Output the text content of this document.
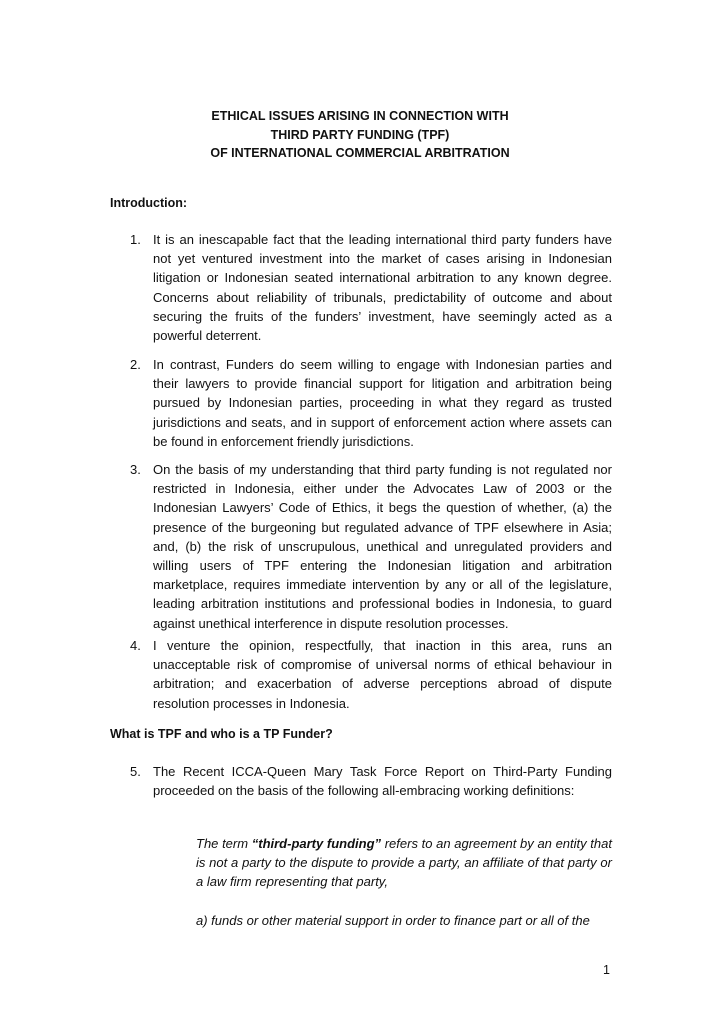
ETHICAL ISSUES ARISING IN CONNECTION WITH
THIRD PARTY FUNDING (TPF)
OF INTERNATIONAL COMMERCIAL ARBITRATION
Introduction:
1. It is an inescapable fact that the leading international third party funders have not yet ventured investment into the market of cases arising in Indonesian litigation or Indonesian seated international arbitration to any known degree. Concerns about reliability of tribunals, predictability of outcome and about securing the fruits of the funders’ investment, have seemingly acted as a powerful deterrent.
2. In contrast, Funders do seem willing to engage with Indonesian parties and their lawyers to provide financial support for litigation and arbitration being pursued by Indonesian parties, proceeding in what they regard as trusted jurisdictions and seats, and in support of enforcement action where assets can be found in enforcement friendly jurisdictions.
3. On the basis of my understanding that third party funding is not regulated nor restricted in Indonesia, either under the Advocates Law of 2003 or the Indonesian Lawyers’ Code of Ethics, it begs the question of whether, (a) the presence of the burgeoning but regulated advance of TPF elsewhere in Asia; and, (b) the risk of unscrupulous, unethical and unregulated providers and willing users of TPF entering the Indonesian litigation and arbitration marketplace, requires immediate intervention by any or all of the legislature, leading arbitration institutions and professional bodies in Indonesia, to guard against unethical interference in dispute resolution processes.
4. I venture the opinion, respectfully, that inaction in this area, runs an unacceptable risk of compromise of universal norms of ethical behaviour in arbitration; and exacerbation of adverse perceptions abroad of dispute resolution processes in Indonesia.
What is TPF and who is a TP Funder?
5. The Recent ICCA-Queen Mary Task Force Report on Third-Party Funding proceeded on the basis of the following all-embracing working definitions:
The term “third-party funding” refers to an agreement by an entity that is not a party to the dispute to provide a party, an affiliate of that party or a law firm representing that party,
a) funds or other material support in order to finance part or all of the
1
